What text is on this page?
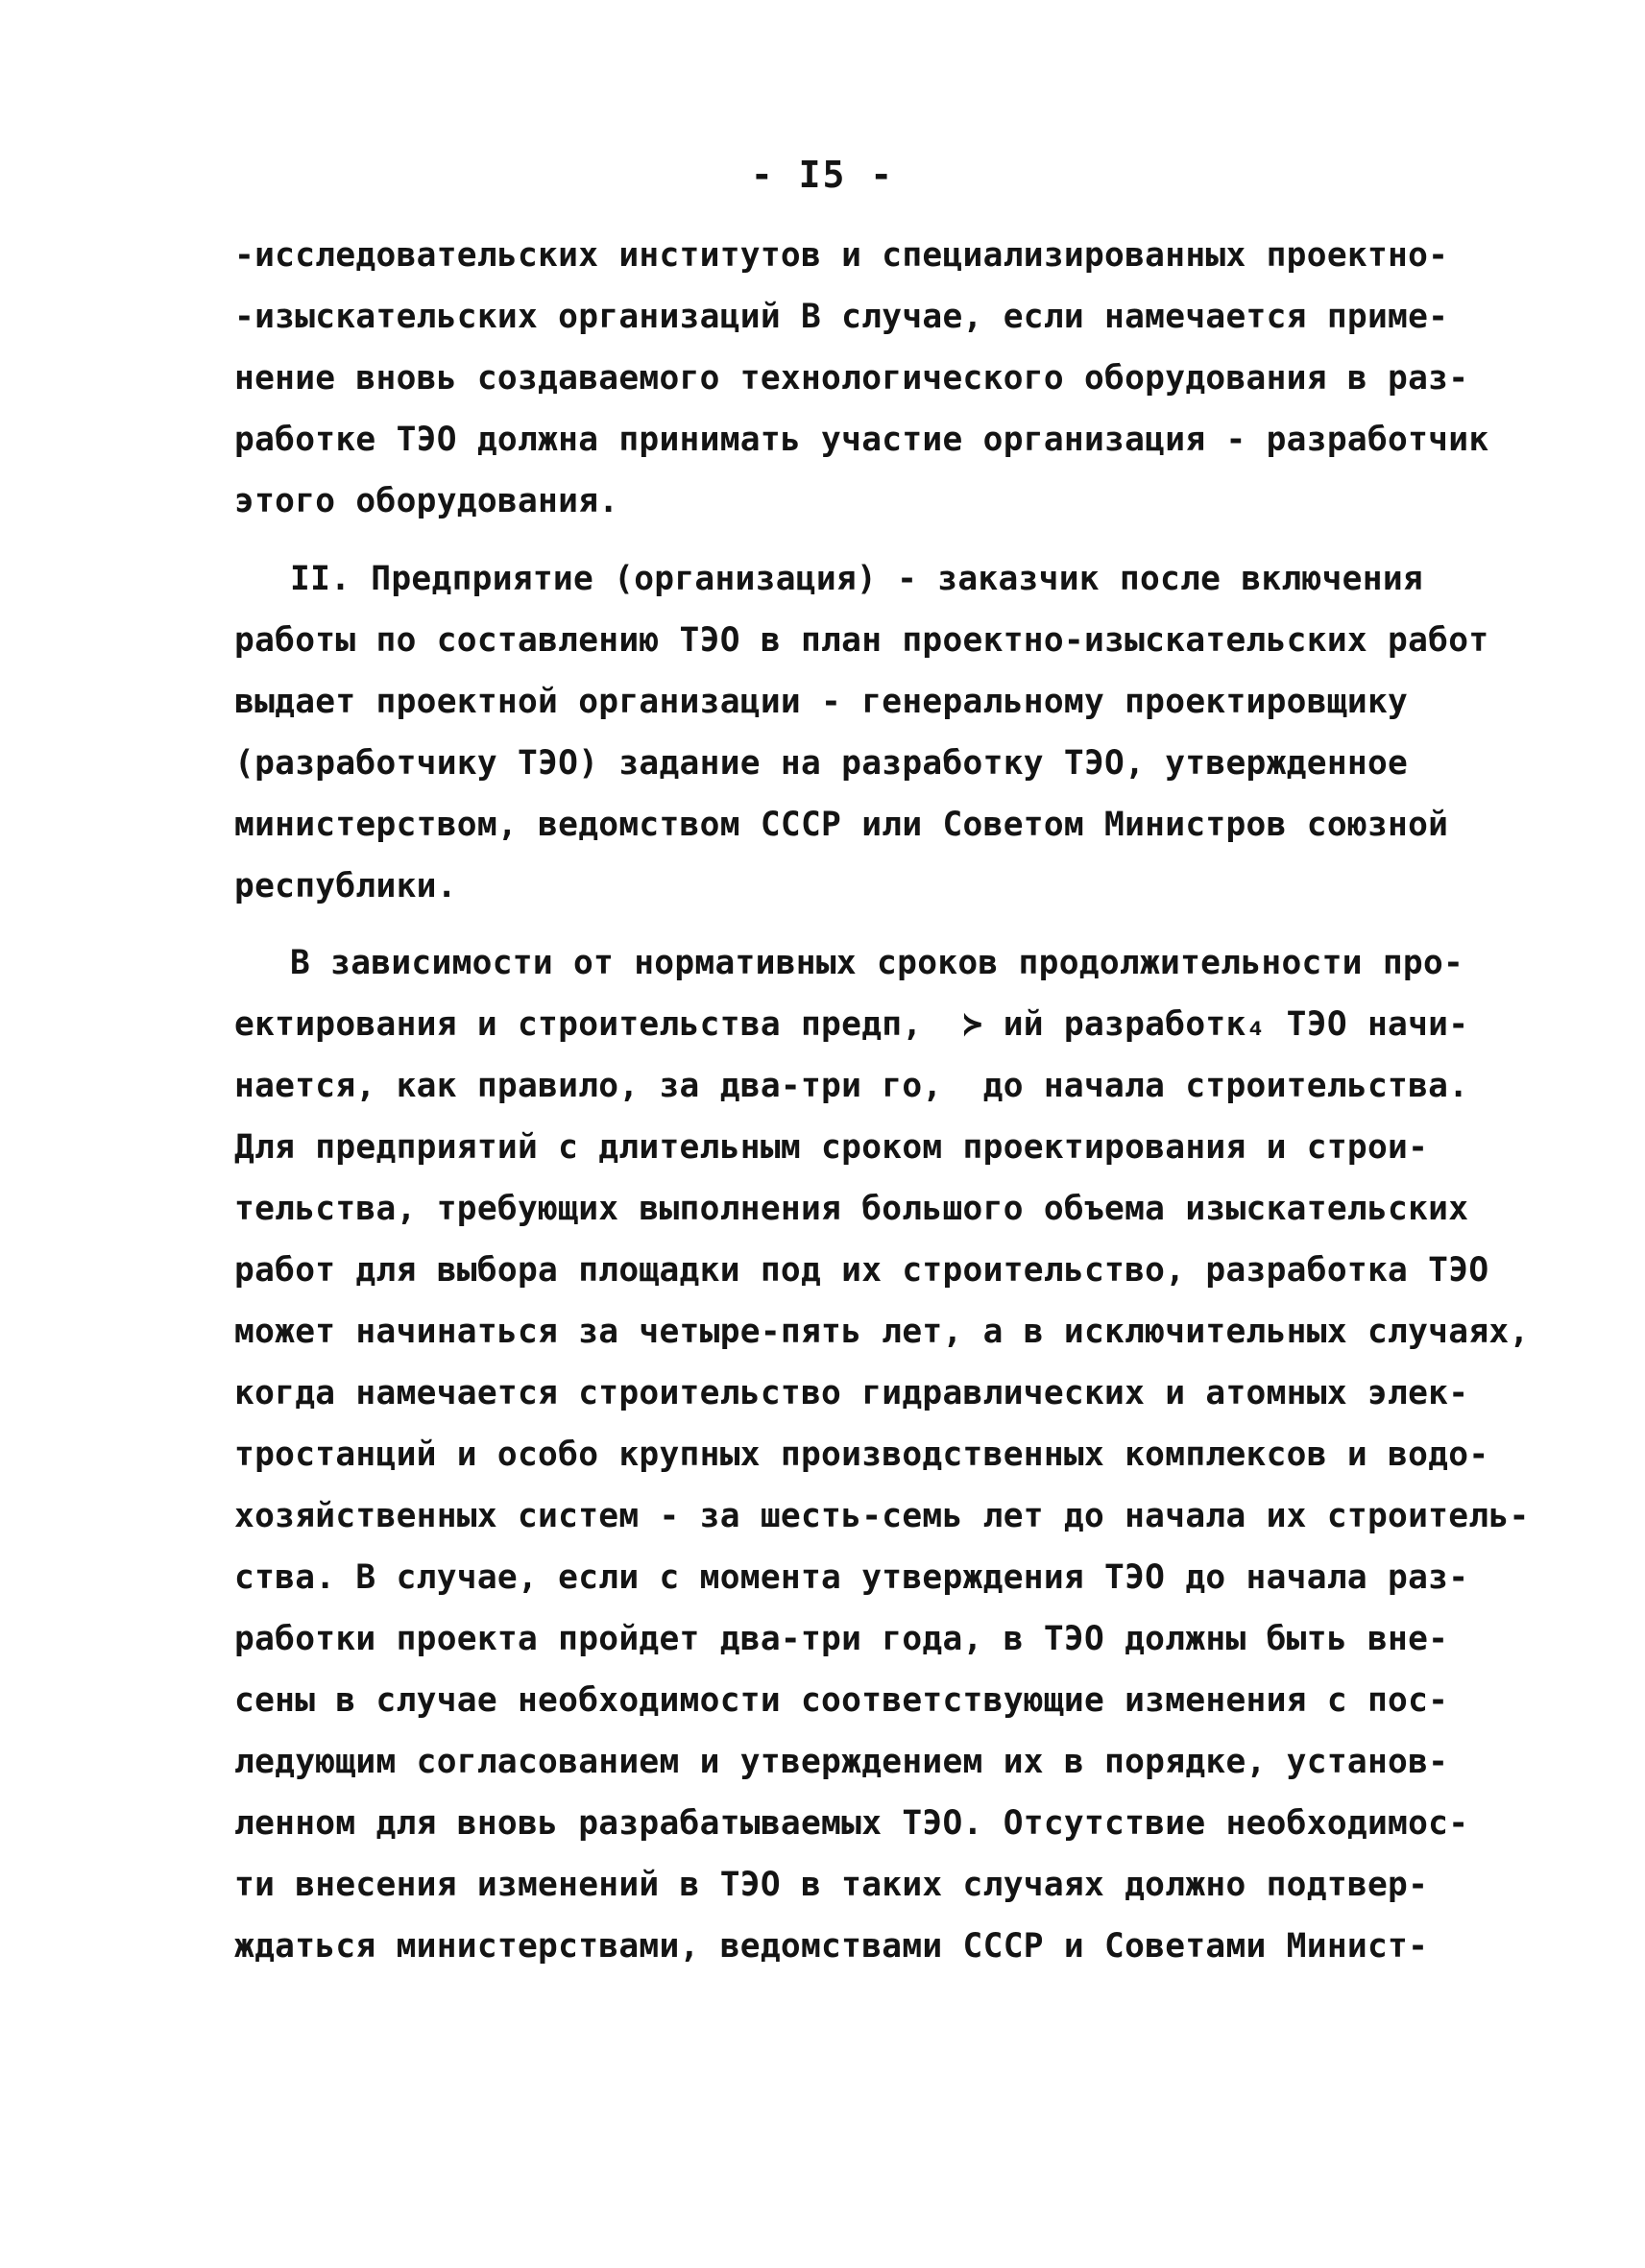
- I5 -
-исследовательских институтов и специализированных проектно-
-изыскательских организаций В случае, если намечается приме-
нение вновь создаваемого технологического оборудования в раз-
работке ТЭО должна принимать участие организация - разработчик
этого оборудования.
II. Предприятие (организация) - заказчик после включения
работы по составлению ТЭО в план проектно-изыскательских работ
выдает проектной организации - генеральному проектировщику
(разработчику ТЭО) задание на разработку ТЭО, утвержденное
министерством, ведомством СССР или Советом Министров союзной
республики.
В зависимости от нормативных сроков продолжительности про-
ектирования и строительства предп,  ≻ ий разработк₄ ТЭО начи-
нается, как правило, за два-три го,  до начала строительства.
Для предприятий с длительным сроком проектирования и строи-
тельства, требующих выполнения большого объема изыскательских
работ для выбора площадки под их строительство, разработка ТЭО
может начинаться за четыре-пять лет, а в исключительных случаях,
когда намечается строительство гидравлических и атомных элек-
тростанций и особо крупных производственных комплексов и водо-
хозяйственных систем - за шесть-семь лет до начала их строитель-
ства. В случае, если с момента утверждения ТЭО до начала раз-
работки проекта пройдет два-три года, в ТЭО должны быть вне-
сены в случае необходимости соответствующие изменения с пос-
ледующим согласованием и утверждением их в порядке, установ-
ленном для вновь разрабатываемых ТЭО. Отсутствие необходимос-
ти внесения изменений в ТЭО в таких случаях должно подтвер-
ждаться министерствами, ведомствами СССР и Советами Минист-
